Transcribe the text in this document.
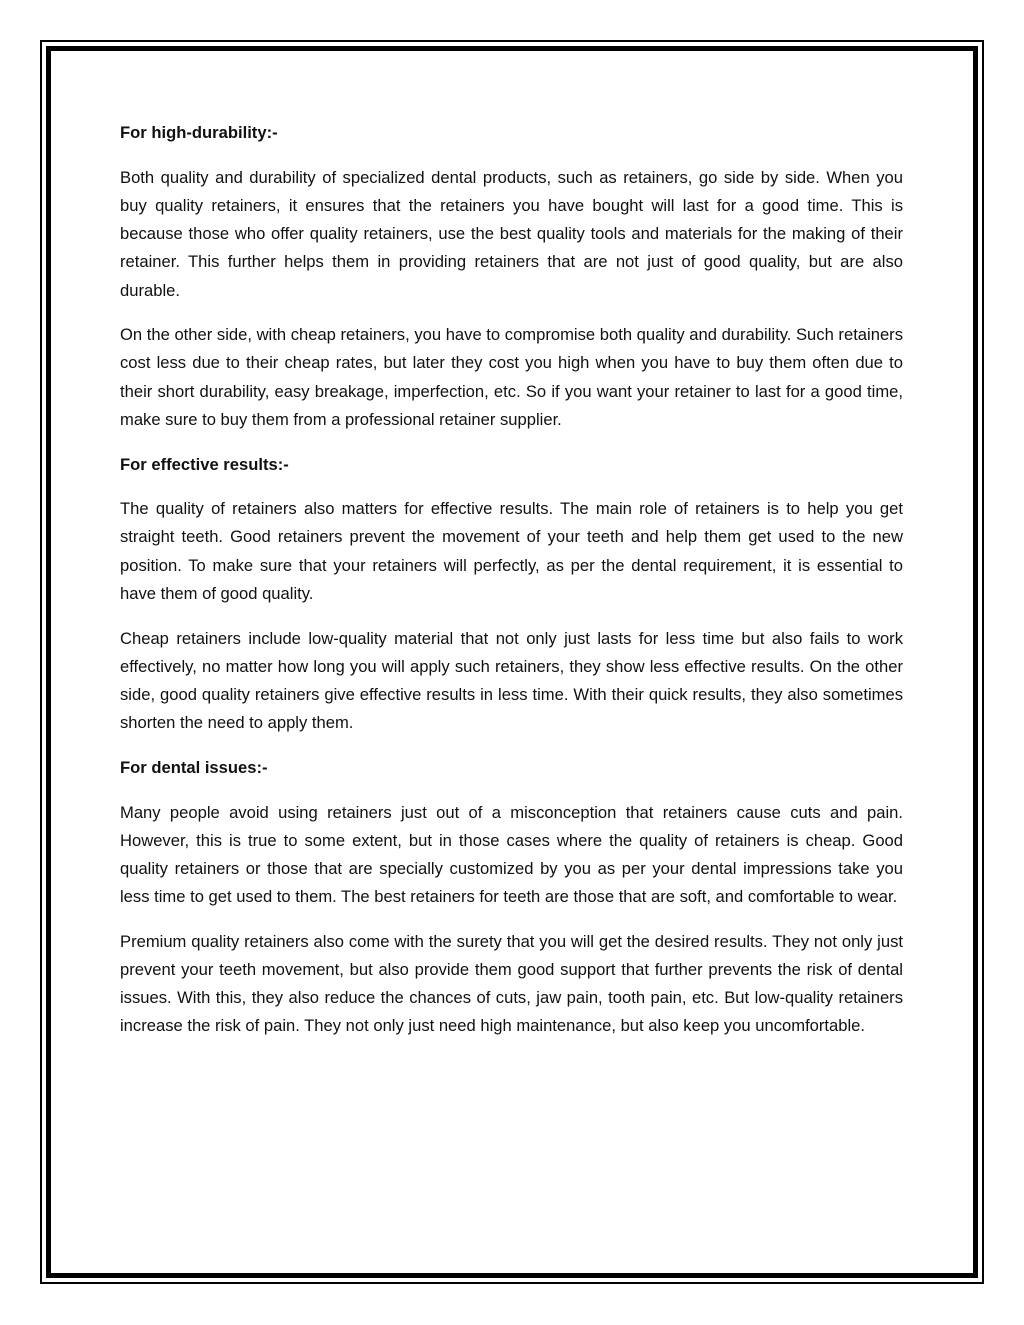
For high-durability:-

Both quality and durability of specialized dental products, such as retainers, go side by side. When you buy quality retainers, it ensures that the retainers you have bought will last for a good time. This is because those who offer quality retainers, use the best quality tools and materials for the making of their retainer. This further helps them in providing retainers that are not just of good quality, but are also durable.

On the other side, with cheap retainers, you have to compromise both quality and durability. Such retainers cost less due to their cheap rates, but later they cost you high when you have to buy them often due to their short durability, easy breakage, imperfection, etc. So if you want your retainer to last for a good time, make sure to buy them from a professional retainer supplier.

For effective results:-

The quality of retainers also matters for effective results. The main role of retainers is to help you get straight teeth. Good retainers prevent the movement of your teeth and help them get used to the new position. To make sure that your retainers will perfectly, as per the dental requirement, it is essential to have them of good quality.

Cheap retainers include low-quality material that not only just lasts for less time but also fails to work effectively, no matter how long you will apply such retainers, they show less effective results. On the other side, good quality retainers give effective results in less time. With their quick results, they also sometimes shorten the need to apply them.

For dental issues:-

Many people avoid using retainers just out of a misconception that retainers cause cuts and pain. However, this is true to some extent, but in those cases where the quality of retainers is cheap. Good quality retainers or those that are specially customized by you as per your dental impressions take you less time to get used to them. The best retainers for teeth are those that are soft, and comfortable to wear.

Premium quality retainers also come with the surety that you will get the desired results. They not only just prevent your teeth movement, but also provide them good support that further prevents the risk of dental issues. With this, they also reduce the chances of cuts, jaw pain, tooth pain, etc. But low-quality retainers increase the risk of pain. They not only just need high maintenance, but also keep you uncomfortable.
